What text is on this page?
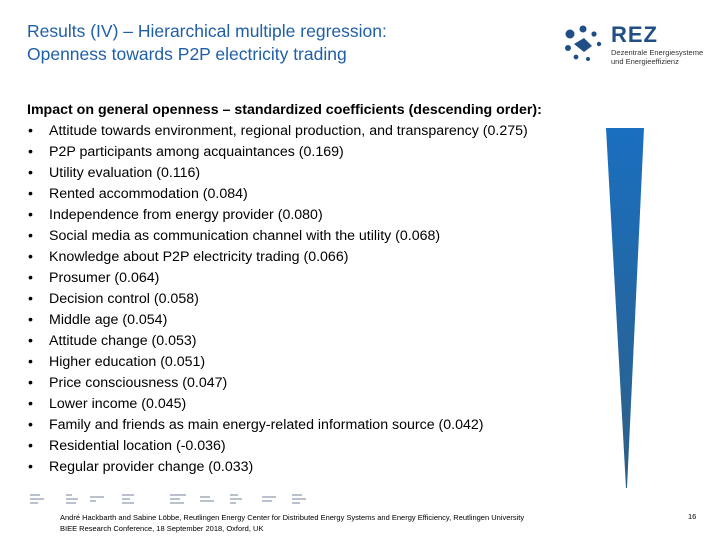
Results (IV) – Hierarchical multiple regression:
Openness towards P2P electricity trading
REZ
Dezentrale Energiesysteme
und Energieeffizienz
Impact on general openness – standardized coefficients (descending order):
• Attitude towards environment, regional production, and transparency (0.275)
• P2P participants among acquaintances (0.169)
• Utility evaluation (0.116)
• Rented accommodation (0.084)
• Independence from energy provider (0.080)
• Social media as communication channel with the utility (0.068)
• Knowledge about P2P electricity trading (0.066)
• Prosumer (0.064)
• Decision control (0.058)
• Middle age (0.054)
• Attitude change (0.053)
• Higher education (0.051)
• Price consciousness (0.047)
• Lower income (0.045)
• Family and friends as main energy-related information source (0.042)
• Residential location (-0.036)
• Regular provider change (0.033)
André Hackbarth and Sabine Löbbe, Reutlingen Energy Center for Distributed Energy Systems and Energy Efficiency, Reutlingen University
BIEE Research Conference, 18 September 2018, Oxford, UK
16
